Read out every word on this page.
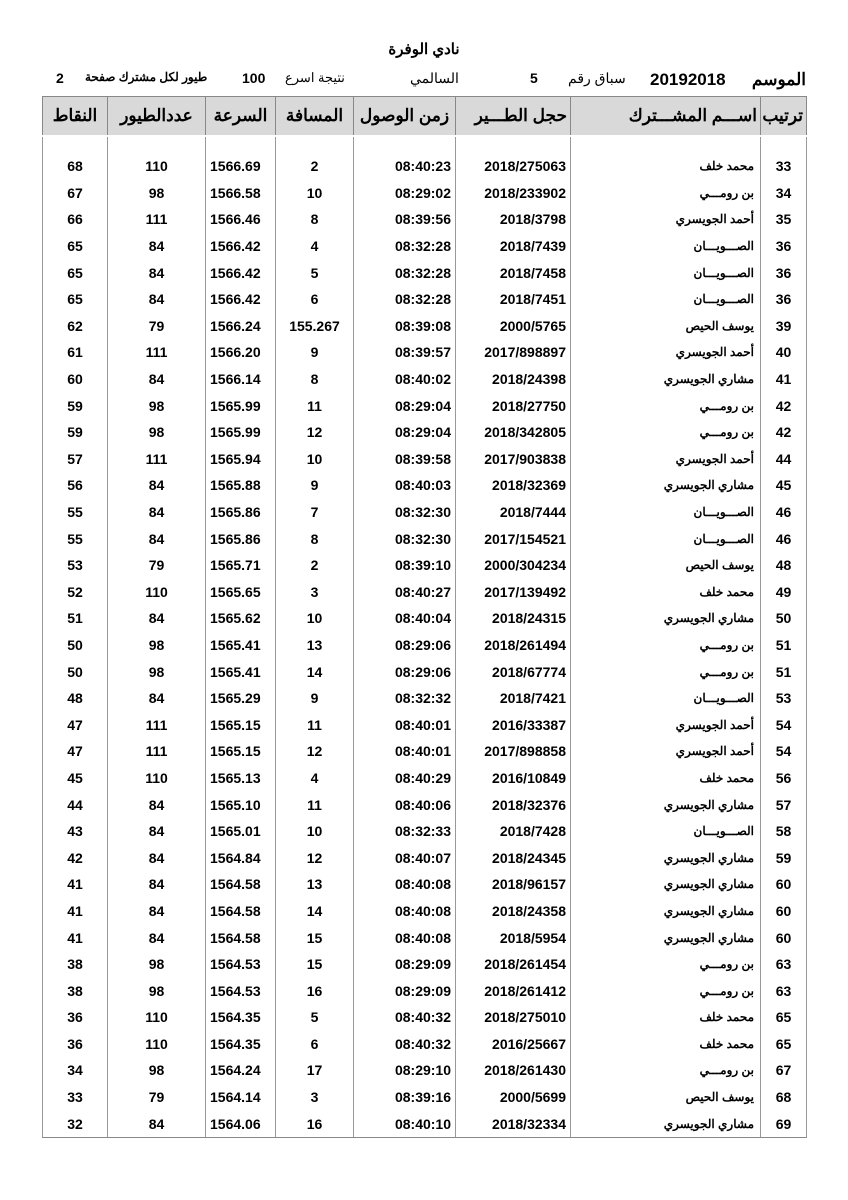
نادي الوفرة
الموسم
20192018
سباق رقم
5
السالمي
نتيجة اسرع
100
طيور لكل مشترك صفحة
2
النقاط	عددالطيور	السرعة	المسافة	زمن الوصول	حجل الطـــير	اســـم المشـــترك	ترتيب

68	110	1566.69	2	08:40:23	2018/275063	محمد خلف	33
67	98	1566.58	10	08:29:02	2018/233902	بن رومـــي	34
66	111	1566.46	8	08:39:56	2018/3798	أحمد الجويسري	35
65	84	1566.42	4	08:32:28	2018/7439	الصـــويـــان	36
65	84	1566.42	5	08:32:28	2018/7458	الصـــويـــان	36
65	84	1566.42	6	08:32:28	2018/7451	الصـــويـــان	36
62	79	1566.24	155.267	08:39:08	2000/5765	يوسف الحيص	39
61	111	1566.20	9	08:39:57	2017/898897	أحمد الجويسري	40
60	84	1566.14	8	08:40:02	2018/24398	مشاري الجويسري	41
59	98	1565.99	11	08:29:04	2018/27750	بن رومـــي	42
59	98	1565.99	12	08:29:04	2018/342805	بن رومـــي	42
57	111	1565.94	10	08:39:58	2017/903838	أحمد الجويسري	44
56	84	1565.88	9	08:40:03	2018/32369	مشاري الجويسري	45
55	84	1565.86	7	08:32:30	2018/7444	الصـــويـــان	46
55	84	1565.86	8	08:32:30	2017/154521	الصـــويـــان	46
53	79	1565.71	2	08:39:10	2000/304234	يوسف الحيص	48
52	110	1565.65	3	08:40:27	2017/139492	محمد خلف	49
51	84	1565.62	10	08:40:04	2018/24315	مشاري الجويسري	50
50	98	1565.41	13	08:29:06	2018/261494	بن رومـــي	51
50	98	1565.41	14	08:29:06	2018/67774	بن رومـــي	51
48	84	1565.29	9	08:32:32	2018/7421	الصـــويـــان	53
47	111	1565.15	11	08:40:01	2016/33387	أحمد الجويسري	54
47	111	1565.15	12	08:40:01	2017/898858	أحمد الجويسري	54
45	110	1565.13	4	08:40:29	2016/10849	محمد خلف	56
44	84	1565.10	11	08:40:06	2018/32376	مشاري الجويسري	57
43	84	1565.01	10	08:32:33	2018/7428	الصـــويـــان	58
42	84	1564.84	12	08:40:07	2018/24345	مشاري الجويسري	59
41	84	1564.58	13	08:40:08	2018/96157	مشاري الجويسري	60
41	84	1564.58	14	08:40:08	2018/24358	مشاري الجويسري	60
41	84	1564.58	15	08:40:08	2018/5954	مشاري الجويسري	60
38	98	1564.53	15	08:29:09	2018/261454	بن رومـــي	63
38	98	1564.53	16	08:29:09	2018/261412	بن رومـــي	63
36	110	1564.35	5	08:40:32	2018/275010	محمد خلف	65
36	110	1564.35	6	08:40:32	2016/25667	محمد خلف	65
34	98	1564.24	17	08:29:10	2018/261430	بن رومـــي	67
33	79	1564.14	3	08:39:16	2000/5699	يوسف الحيص	68
32	84	1564.06	16	08:40:10	2018/32334	مشاري الجويسري	69
